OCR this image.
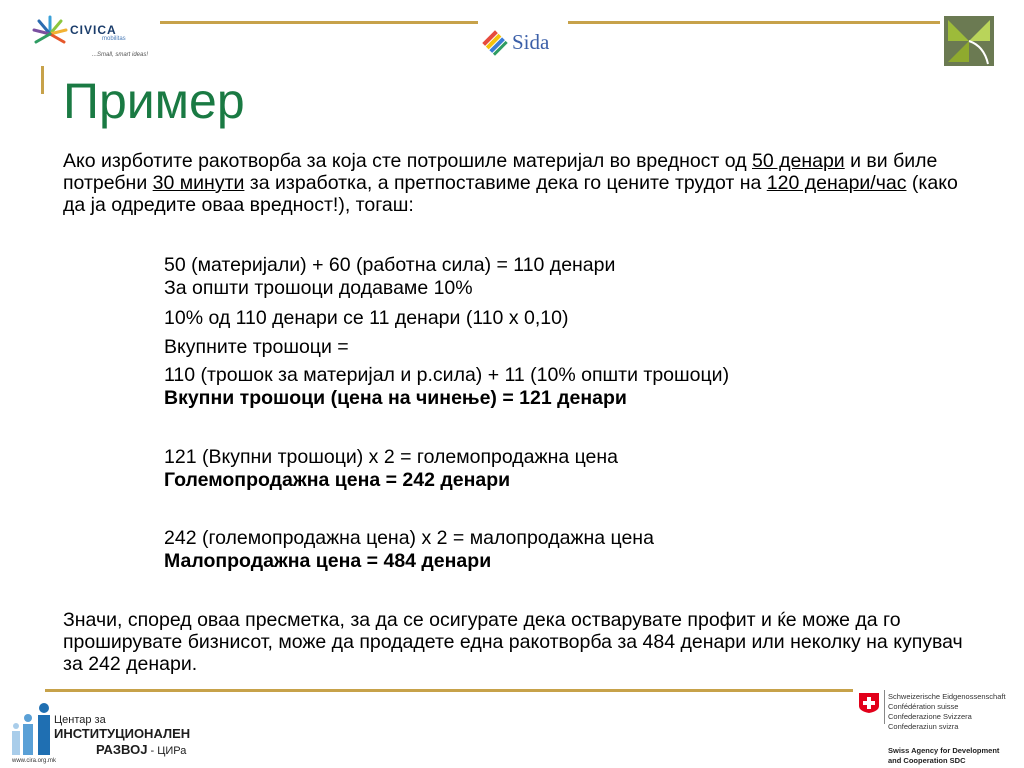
CIVICA
mobilitas
...Small, smart ideas!
Sida
Пример
Ако изрботите ракотворба за која сте потрошиле материјал во вредност од 50 денари и ви биле потребни 30 минути за изработка, а претпоставиме дека го цените трудот на 120 денари/час (како да ја одредите оваа вредност!), тогаш:
50 (материјали) + 60 (работна сила) = 110 денари
За општи трошоци додаваме 10%
10% од 110 денари се 11 денари (110 x 0,10)
Вкупните трошоци =
110 (трошок за материјал и р.сила) + 11 (10% општи трошоци)
Вкупни трошоци (цена на чинење) = 121 денари
121 (Вкупни трошоци) x 2 = големопродажна цена
Големопродажна цена = 242 денари
242 (големопродажна цена) x 2 = малопродажна цена
Малопродажна цена = 484 денари
Значи, според оваа пресметка, за да се осигурате дека остварувате профит и ќе може да го проширувате бизнисот, може да продадете една ракотворба за 484 денари или неколку на купувач за 242 денари.
Центар за
ИНСТИТУЦИОНАЛЕН
РАЗВОЈ - ЦИРа
www.cira.org.mk
Schweizerische Eidgenossenschaft
Confédération suisse
Confederazione Svizzera
Confederaziun svizra
Swiss Agency for Development
and Cooperation SDC
